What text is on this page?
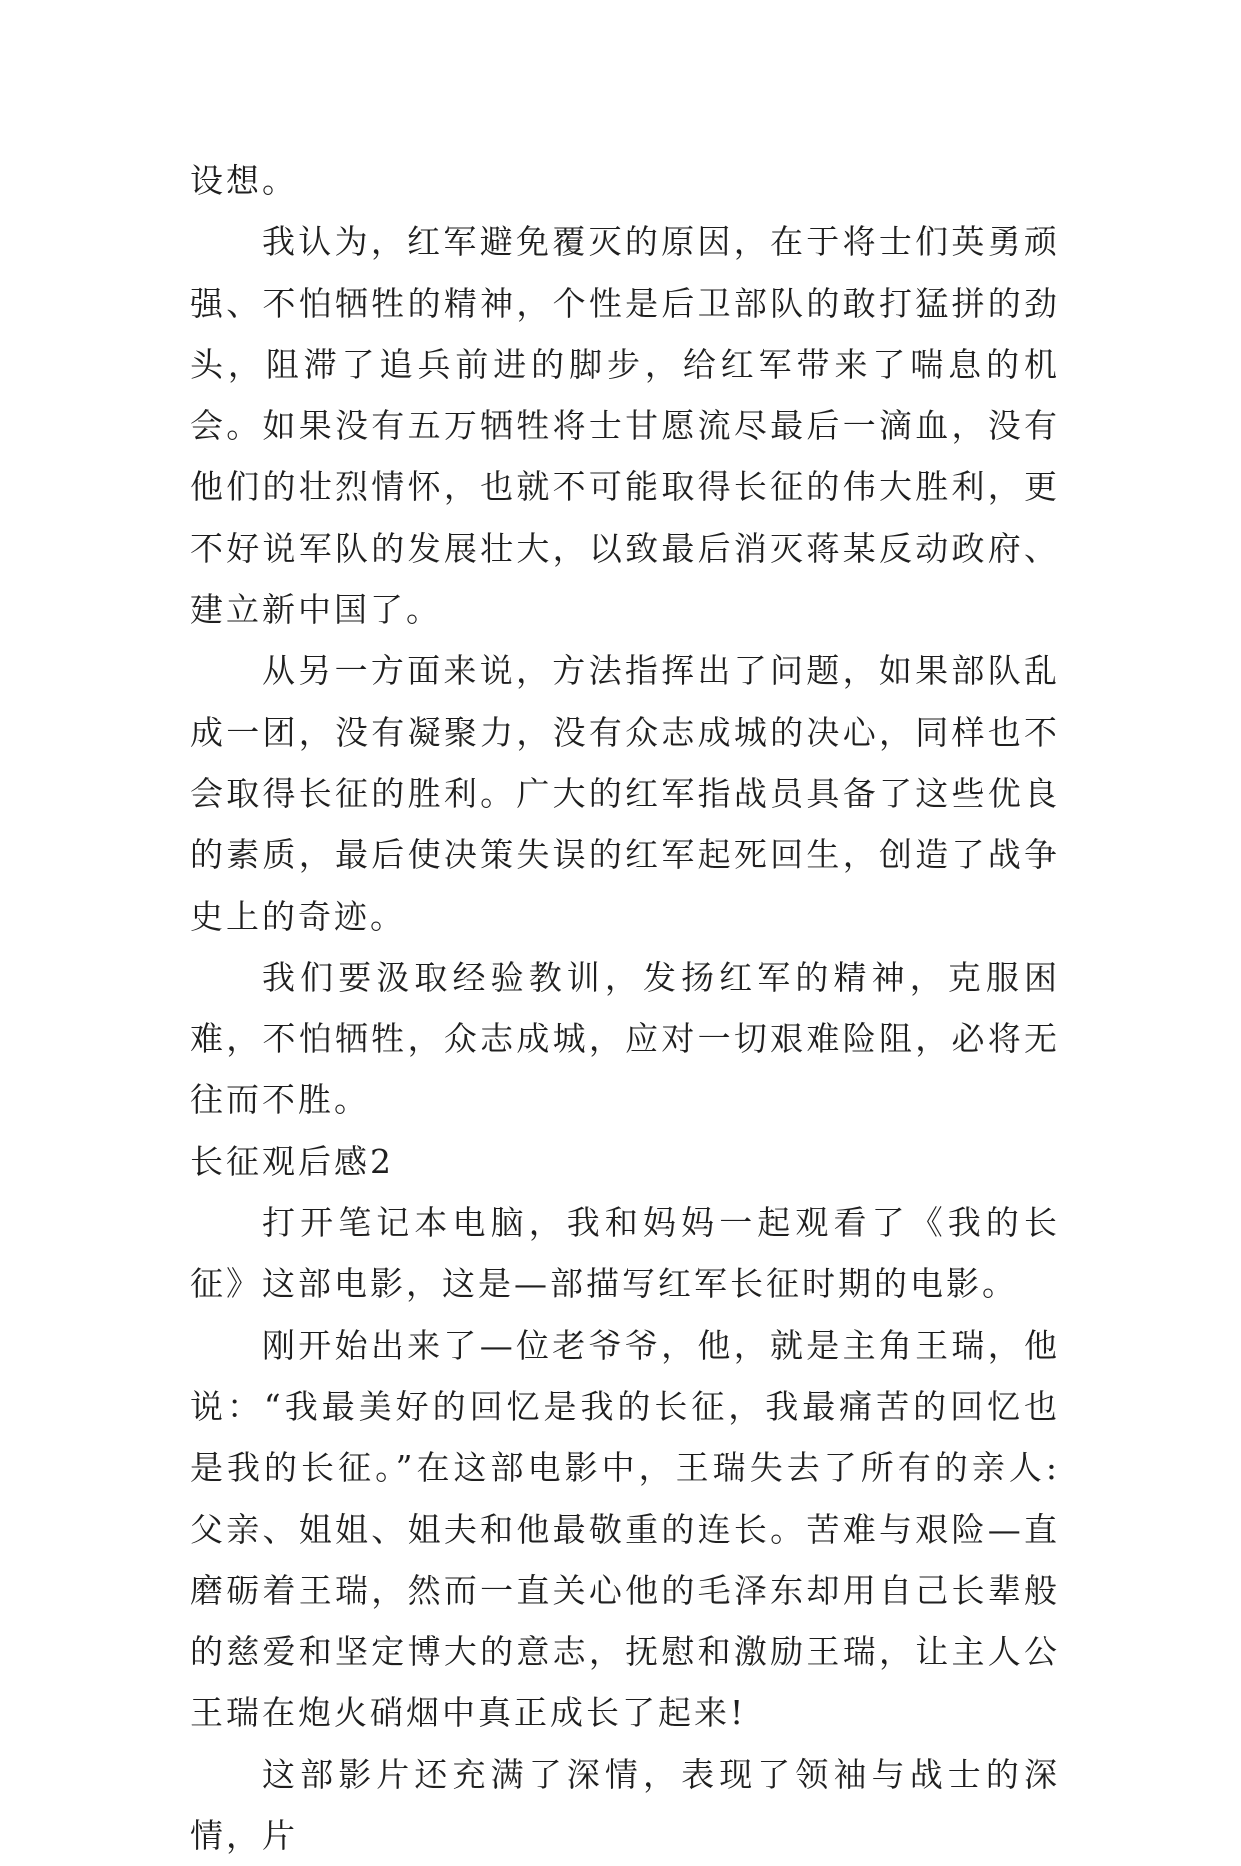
设想。

我认为，红军避免覆灭的原因，在于将士们英勇顽强、不怕牺牲的精神，个性是后卫部队的敢打猛拼的劲头，阻滞了追兵前进的脚步，给红军带来了喘息的机会。如果没有五万牺牲将士甘愿流尽最后一滴血，没有他们的壮烈情怀，也就不可能取得长征的伟大胜利，更不好说军队的发展壮大，以致最后消灭蒋某反动政府、建立新中国了。

从另一方面来说，方法指挥出了问题，如果部队乱成一团，没有凝聚力，没有众志成城的决心，同样也不会取得长征的胜利。广大的红军指战员具备了这些优良的素质，最后使决策失误的红军起死回生，创造了战争史上的奇迹。

我们要汲取经验教训，发扬红军的精神，克服困难，不怕牺牲，众志成城，应对一切艰难险阻，必将无往而不胜。

长征观后感2

打开笔记本电脑，我和妈妈一起观看了《我的长征》这部电影，这是—部描写红军长征时期的电影。

刚开始出来了—位老爷爷，他，就是主角王瑞，他说：“我最美好的回忆是我的长征，我最痛苦的回忆也是我的长征。”在这部电影中，王瑞失去了所有的亲人:父亲、姐姐、姐夫和他最敬重的连长。苦难与艰险—直磨砺着王瑞，然而一直关心他的毛泽东却用自己长辈般的慈爱和坚定博大的意志，抚慰和激励王瑞，让主人公王瑞在炮火硝烟中真正成长了起来!

这部影片还充满了深情，表现了领袖与战士的深情，片
